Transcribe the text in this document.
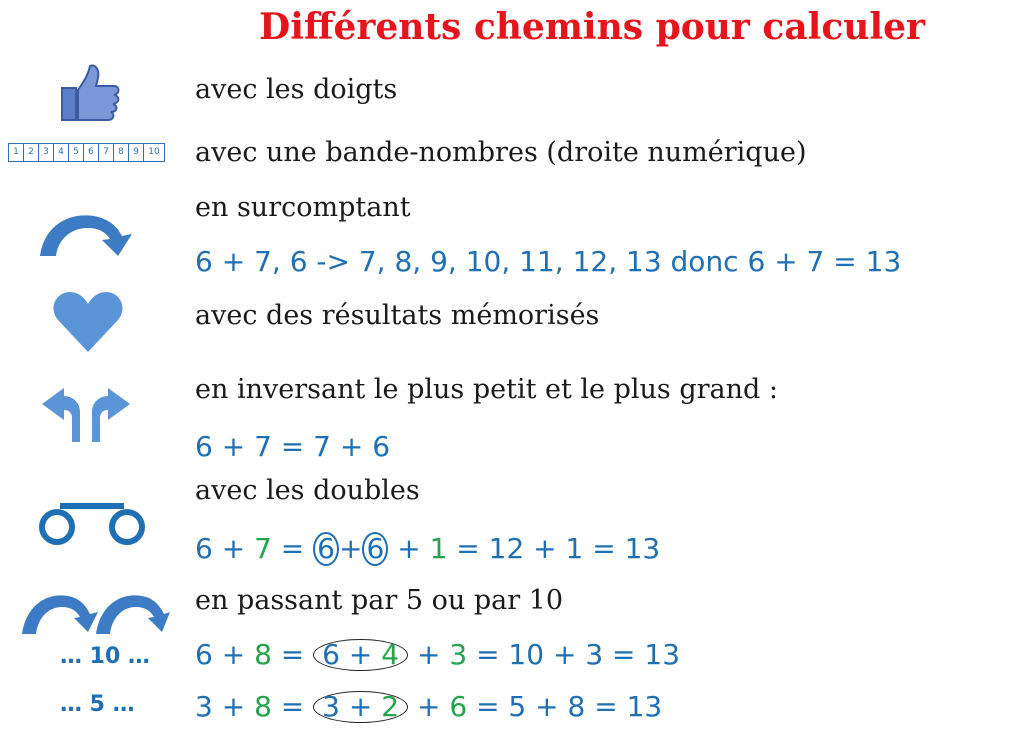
Différents chemins pour calculer
1	2	3	4	5	6	7	8	9	10
… 10 …
… 5 …
avec les doigts
avec une bande-nombres (droite numérique)
en surcomptant
6 + 7, 6 -> 7, 8, 9, 10, 11, 12, 13 donc 6 + 7 = 13
avec des résultats mémorisés
en inversant le plus petit et le plus grand :
6 + 7 = 7 + 6
avec les doubles
6 + 7 = 6 + 6 + 1 = 12 + 1 = 13
en passant par 5 ou par 10
6 + 8 = 6 + 4 + 3 = 10 + 3 = 13
3 + 8 = 3 + 2 + 6 = 5 + 8 = 13
